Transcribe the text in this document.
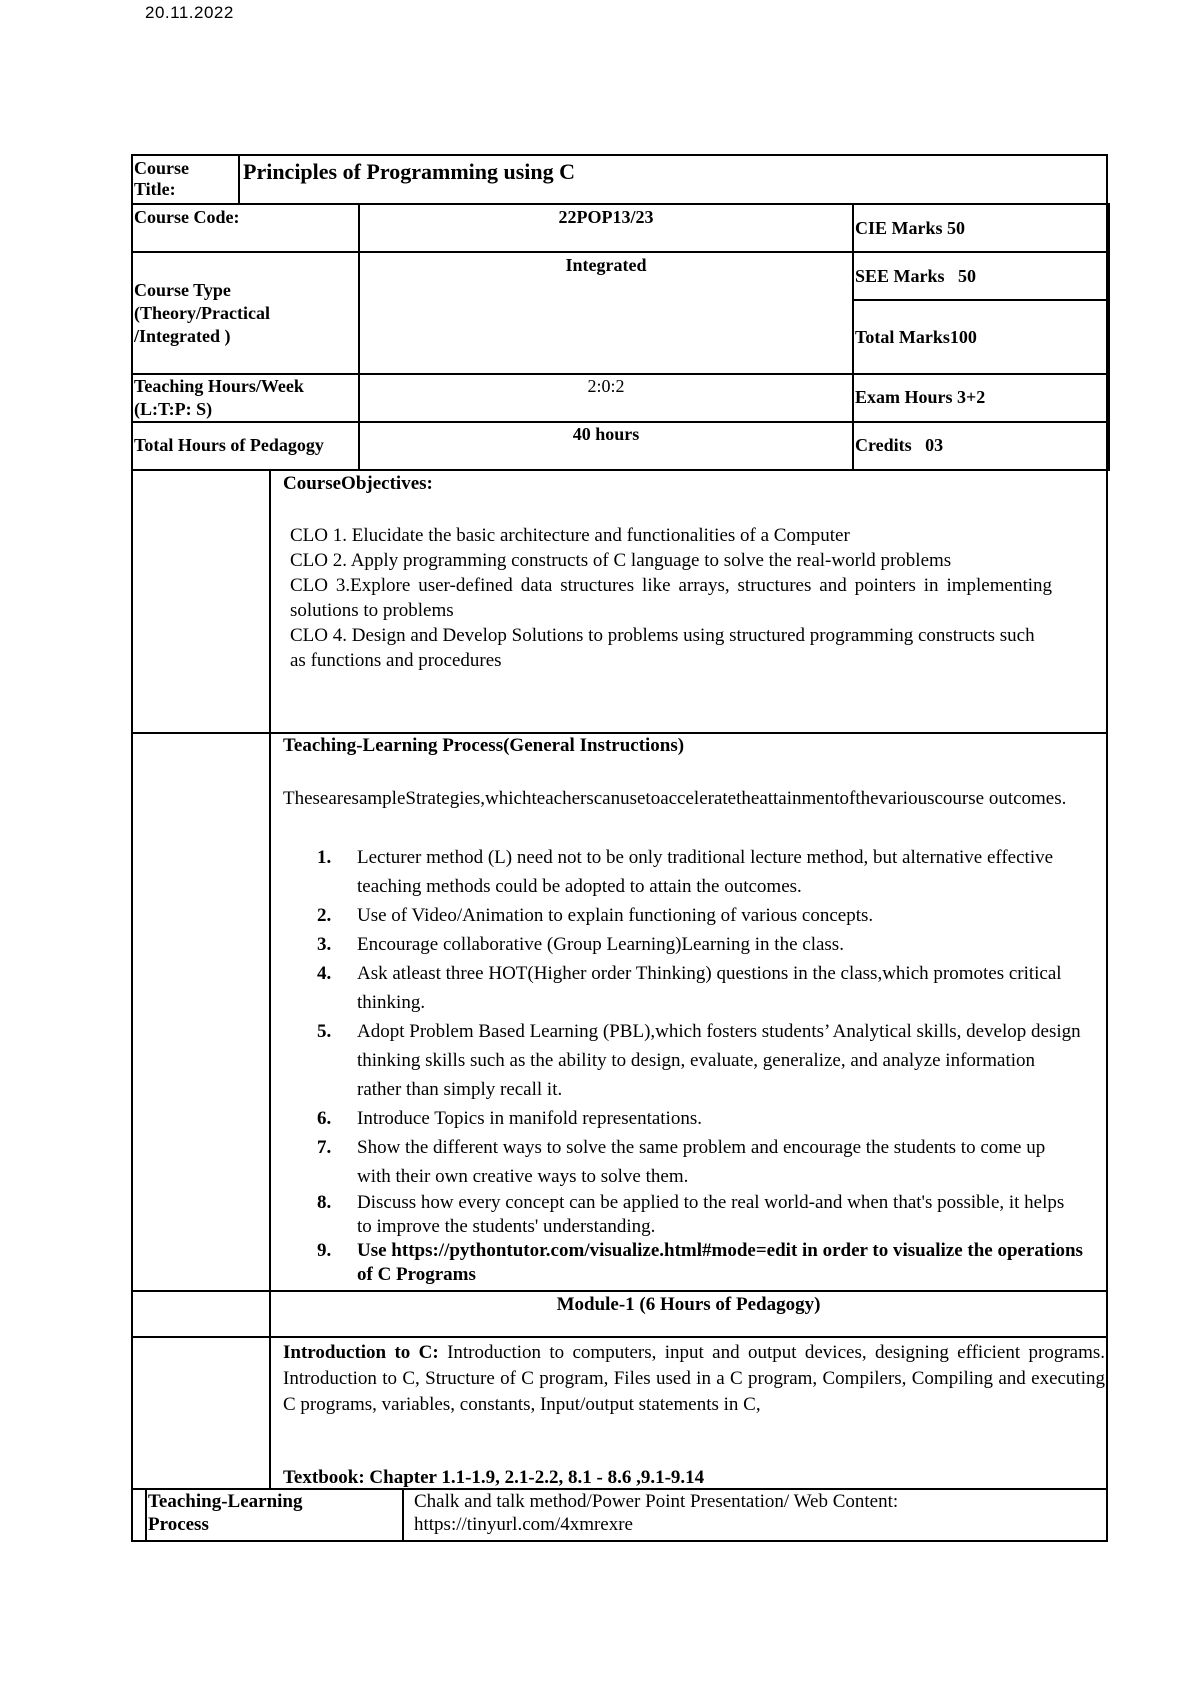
20.11.2022
Course Title:
Principles of Programming using C
Course Code:	22POP13/23
CIE Marks 50
Course Type (Theory/Practical /Integrated )
Integrated
SEE Marks   50
Total Marks100
Teaching Hours/Week (L:T:P: S)
2:0:2
Exam Hours 3+2
Total Hours of Pedagogy
40 hours
Credits   03
CourseObjectives:
CLO 1. Elucidate the basic architecture and functionalities of a Computer
CLO 2. Apply programming constructs of C language to solve the real-world problems
CLO 3.Explore user-defined data structures like arrays, structures and pointers in implementing solutions to problems
CLO 4. Design and Develop Solutions to problems using structured programming constructs such as functions and procedures
Teaching-Learning Process(General Instructions)
ThesearesampleStrategies,whichteacherscanusetoacceleratetheattainmentofthevariouscourse outcomes.
1. Lecturer method (L) need not to be only traditional lecture method, but alternative effective teaching methods could be adopted to attain the outcomes.
2. Use of Video/Animation to explain functioning of various concepts.
3. Encourage collaborative (Group Learning)Learning in the class.
4. Ask atleast three HOT(Higher order Thinking) questions in the class,which promotes critical thinking.
5. Adopt Problem Based Learning (PBL),which fosters students’ Analytical skills, develop design thinking skills such as the ability to design, evaluate, generalize, and analyze information rather than simply recall it.
6. Introduce Topics in manifold representations.
7. Show the different ways to solve the same problem and encourage the students to come up with their own creative ways to solve them.
8. Discuss how every concept can be applied to the real world-and when that's possible, it helps to improve the students' understanding.
9. Use https://pythontutor.com/visualize.html#mode=edit in order to visualize the operations of C Programs
Module-1 (6 Hours of Pedagogy)
Introduction to C: Introduction to computers, input and output devices, designing efficient programs. Introduction to C, Structure of C program, Files used in a C program, Compilers, Compiling and executing C programs, variables, constants, Input/output statements in C,
Textbook: Chapter 1.1-1.9, 2.1-2.2, 8.1 - 8.6 ,9.1-9.14
Teaching-Learning Process
Chalk and talk method/Power Point Presentation/ Web Content: https://tinyurl.com/4xmrexre
